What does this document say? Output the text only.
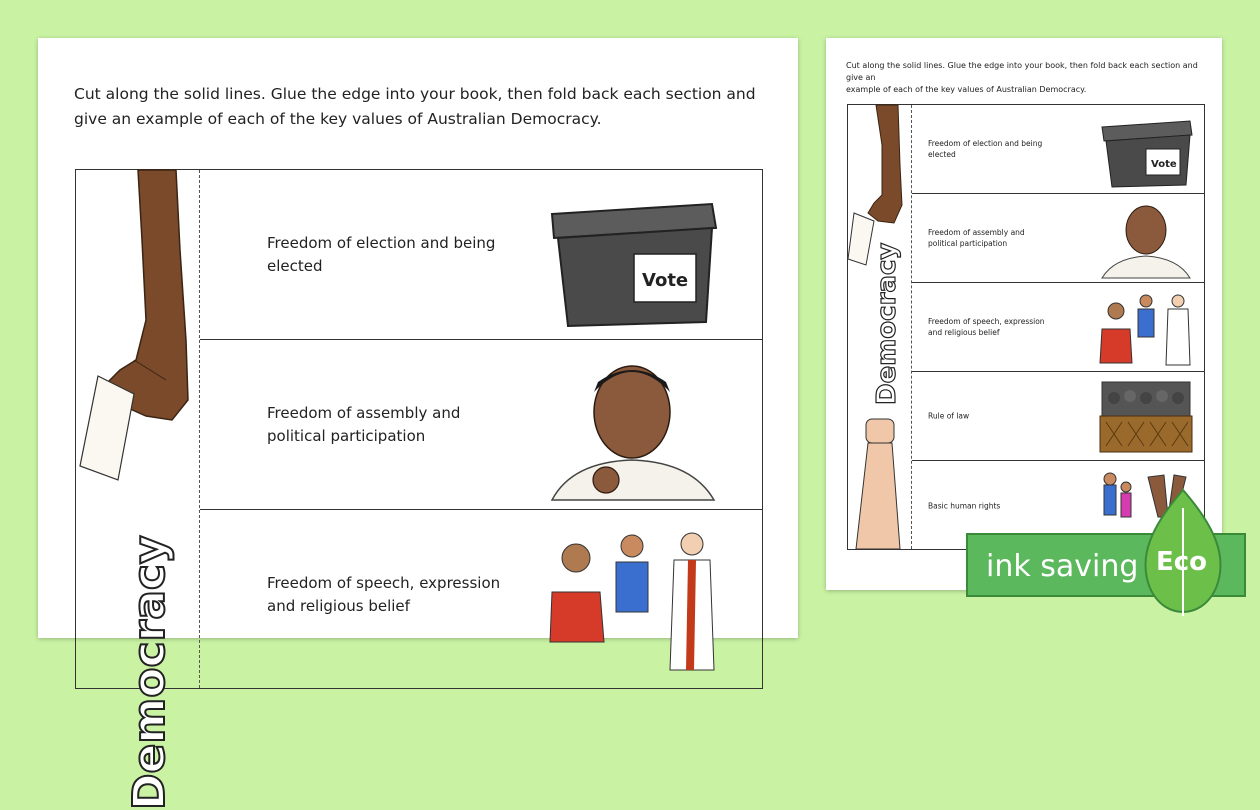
Cut along the solid lines. Glue the edge into your book, then fold back each section and give an example of each of the key values of Australian Democracy.

Democracy
Freedom of election and being elected

Vote
Freedom of assembly and
political participation
Freedom of speech, expression
and religious belief

Cut along the solid lines. Glue the edge into your book, then fold back each section and give an
example of each of the key values of Australian Democracy.

Democracy
Freedom of election and being elected

Vote
Freedom of assembly and
political participation
Freedom of speech, expression
and religious belief
Rule of law

Basic human rights

ink saving Eco
